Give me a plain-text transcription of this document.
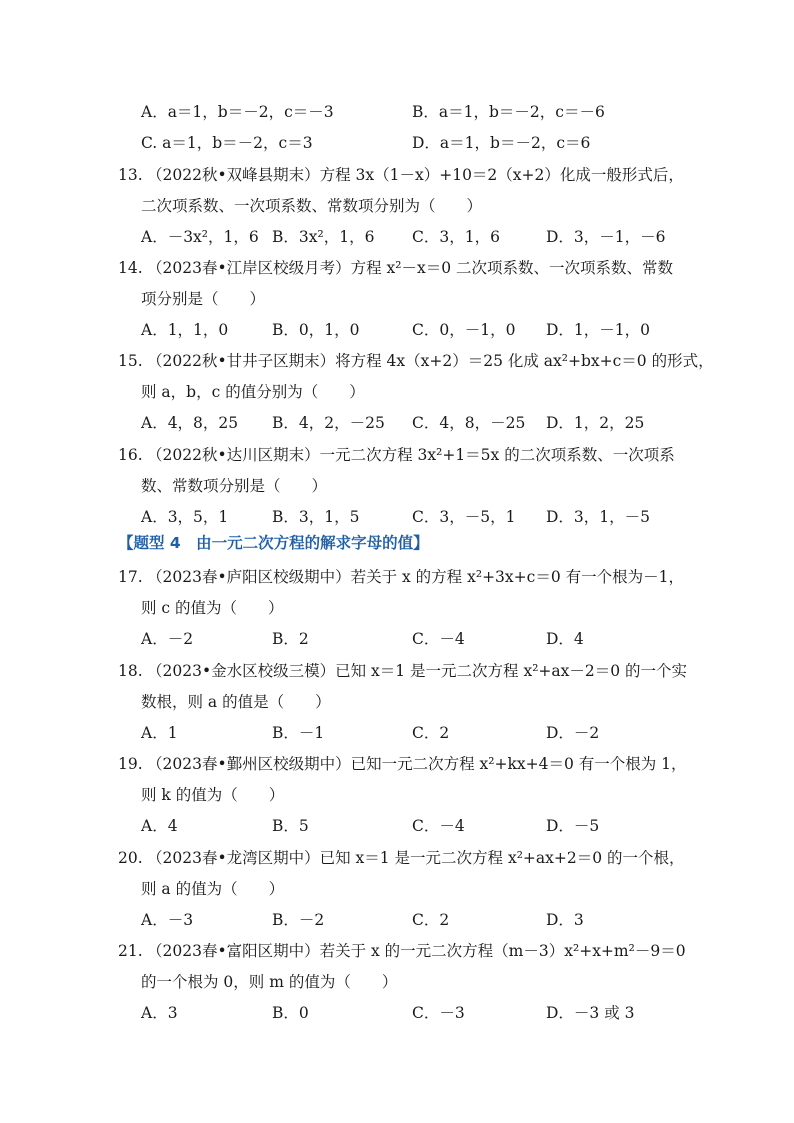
A．a＝1，b＝－2，c＝－3	B．a＝1，b＝－2，c＝－6
C. a＝1，b＝－2，c＝3	D．a＝1，b＝－2，c＝6
13. （2022秋•双峰县期末）方程 3x（1－x）+10＝2（x+2）化成一般形式后，
二次项系数、一次项系数、常数项分别为（　　）
A．－3x²，1，6 B．3x²，1，6 C．3，1，6	D．3，－1，－6
14. （2023春•江岸区校级月考）方程 x²－x＝0 二次项系数、一次项系数、常数
项分别是（　　）
A．1，1，0	B．0，1，0	C．0，－1，0 D．1，－1，0
15. （2022秋•甘井子区期末）将方程 4x（x+2）＝25 化成 ax²+bx+c＝0 的形式，
则 a，b，c 的值分别为（　　）
A．4，8，25 B．4，2，－25 C．4，8，－25 D．1，2，25
16. （2022秋•达川区期末）一元二次方程 3x²+1＝5x 的二次项系数、一次项系
数、常数项分别是（　　）
A．3，5，1	B．3，1，5	C．3，－5，1 D．3，1，－5
【题型 4　由一元二次方程的解求字母的值】
17. （2023春•庐阳区校级期中）若关于 x 的方程 x²+3x+c＝0 有一个根为－1，
则 c 的值为（　　）
A．－2	B．2	C．－4	D．4
18. （2023•金水区校级三模）已知 x＝1 是一元二次方程 x²+ax－2＝0 的一个实
数根，则 a 的值是（　　）
A．1	B．－1	C．2	D．－2
19. （2023春•鄞州区校级期中）已知一元二次方程 x²+kx+4＝0 有一个根为 1，
则 k 的值为（　　）
A．4	B．5	C．－4	D．－5
20. （2023春•龙湾区期中）已知 x＝1 是一元二次方程 x²+ax+2＝0 的一个根，
则 a 的值为（　　）
A．－3	B．－2	C．2	D．3
21. （2023春•富阳区期中）若关于 x 的一元二次方程（m－3）x²+x+m²－9＝0
的一个根为 0，则 m 的值为（　　）
A．3	B．0	C．－3	D．－3 或 3
